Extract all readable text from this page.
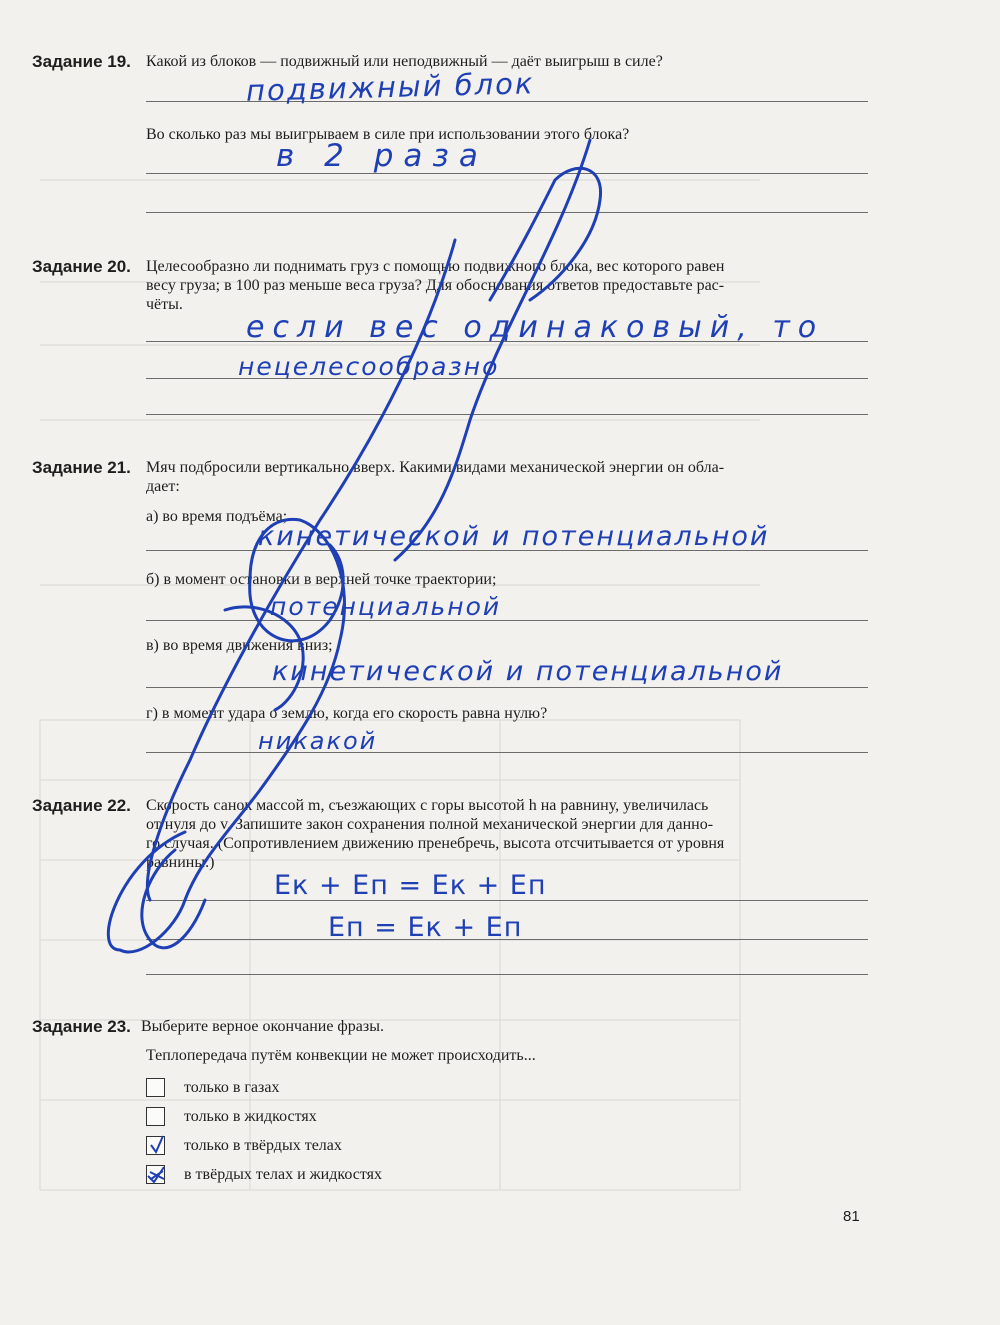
Задание 19. Какой из блоков — подвижный или неподвижный — даёт выигрыш в силе?
подвижный блок
Во сколько раз мы выигрываем в силе при использовании этого блока?
в 2 раза
Задание 20. Целесообразно ли поднимать груз с помощью подвижного блока, вес которого равен
весу груза; в 100 раз меньше веса груза? Для обоснования ответов предоставьте рас-
чёты.
если вес одинаковый, то
нецелесообразно
Задание 21. Мяч подбросили вертикально вверх. Какими видами механической энергии он обла-
дает:
а) во время подъёма;
кинетической и потенциальной
б) в момент остановки в верхней точке траектории;
потенциальной
в) во время движения вниз;
кинетической и потенциальной
г) в момент удара о землю, когда его скорость равна нулю?
никакой
Задание 22. Скорость санок массой m, съезжающих с горы высотой h на равнину, увеличилась
от нуля до v. Запишите закон сохранения полной механической энергии для данно-
го случая. (Сопротивлением движению пренебречь, высота отсчитывается от уровня
равнины.)
Eк + Eп = Eк + Eп
Eп = Eк + Eп
Задание 23. Выберите верное окончание фразы.
Теплопередача путём конвекции не может происходить...
только в газах
только в жидкостях
только в твёрдых телах
в твёрдых телах и жидкостях
81
